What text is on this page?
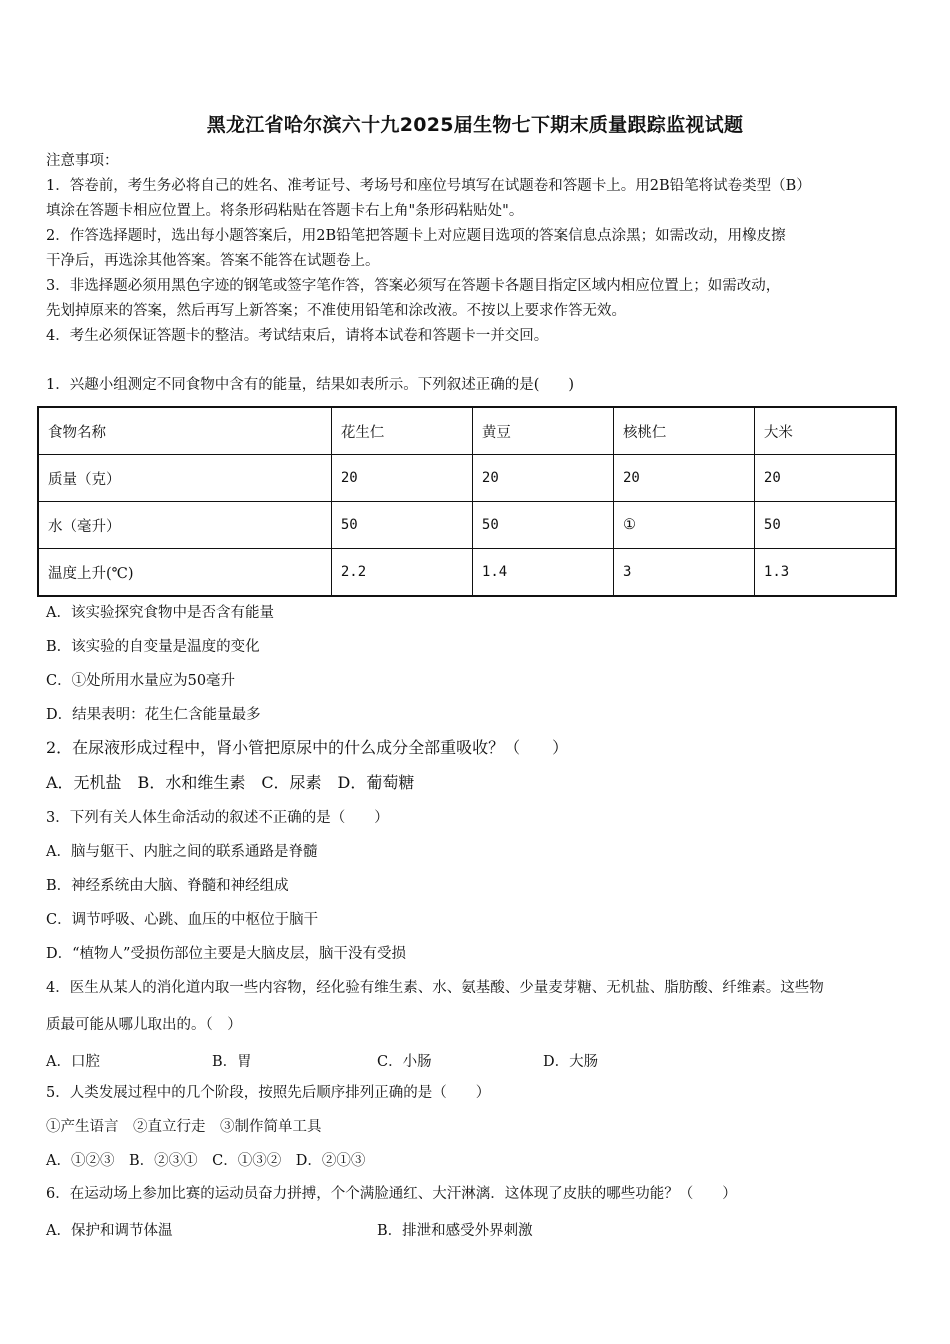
黑龙江省哈尔滨六十九2025届生物七下期末质量跟踪监视试题
注意事项：
1．答卷前，考生务必将自己的姓名、准考证号、考场号和座位号填写在试题卷和答题卡上。用2B铅笔将试卷类型（B）
填涂在答题卡相应位置上。将条形码粘贴在答题卡右上角"条形码粘贴处"。
2．作答选择题时，选出每小题答案后，用2B铅笔把答题卡上对应题目选项的答案信息点涂黑；如需改动，用橡皮擦
干净后，再选涂其他答案。答案不能答在试题卷上。
3．非选择题必须用黑色字迹的钢笔或签字笔作答，答案必须写在答题卡各题目指定区域内相应位置上；如需改动，
先划掉原来的答案，然后再写上新答案；不准使用铅笔和涂改液。不按以上要求作答无效。
4．考生必须保证答题卡的整洁。考试结束后，请将本试卷和答题卡一并交回。
1．兴趣小组测定不同食物中含有的能量，结果如表所示。下列叙述正确的是(　　)
食物名称	花生仁	黄豆	核桃仁	大米
质量（克）	20	20	20	20
水（毫升）	50	50	①	50
温度上升(℃)	2.2	1.4	3	1.3
A．该实验探究食物中是否含有能量
B．该实验的自变量是温度的变化
C．①处所用水量应为50毫升
D．结果表明：花生仁含能量最多
2．在尿液形成过程中，肾小管把原尿中的什么成分全部重吸收？（　　）
A．无机盐　B．水和维生素　C．尿素　D．葡萄糖
3．下列有关人体生命活动的叙述不正确的是（　　）
A．脑与躯干、内脏之间的联系通路是脊髓
B．神经系统由大脑、脊髓和神经组成
C．调节呼吸、心跳、血压的中枢位于脑干
D．“植物人”受损伤部位主要是大脑皮层，脑干没有受损
4．医生从某人的消化道内取一些内容物，经化验有维生素、水、氨基酸、少量麦芽糖、无机盐、脂肪酸、纤维素。这些物
质最可能从哪儿取出的。（　）
A．口腔	B．胃	C．小肠	D．大肠
5．人类发展过程中的几个阶段，按照先后顺序排列正确的是（　　）
①产生语言　②直立行走　③制作简单工具
A．①②③　B．②③①　C．①③②　D．②①③
6．在运动场上参加比赛的运动员奋力拼搏，个个满脸通红、大汗淋漓．这体现了皮肤的哪些功能？（　　）
A．保护和调节体温	B．排泄和感受外界刺激
